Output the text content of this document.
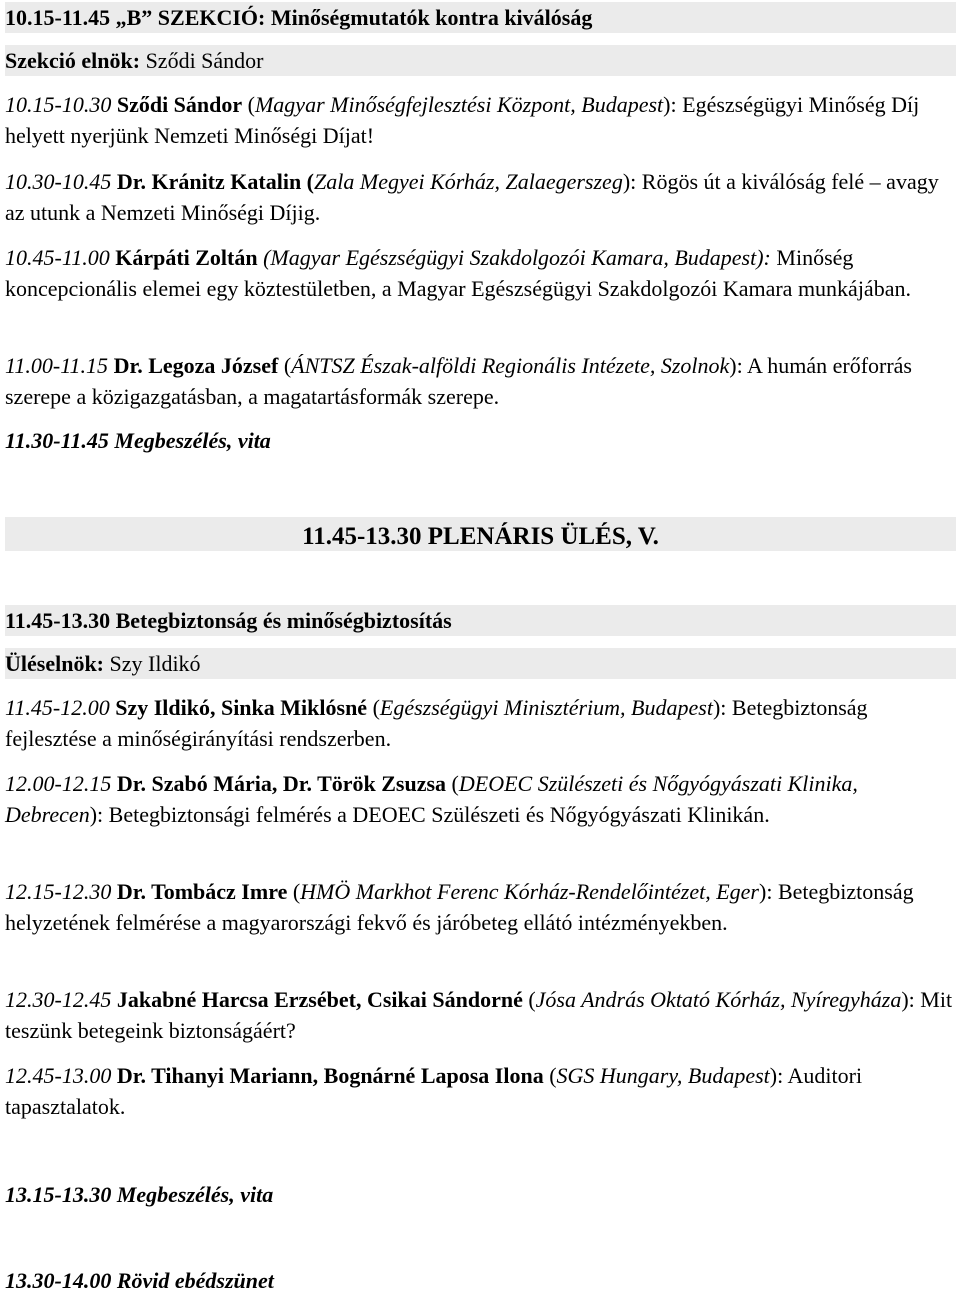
10.15-11.45 „B” SZEKCIÓ: Minőségmutatók kontra kiválóság
Szekció elnök: Sződi Sándor

10.15-10.30 Sződi Sándor (Magyar Minőségfejlesztési Központ, Budapest): Egészségügyi Minőség Díj helyett nyerjünk Nemzeti Minőségi Díjat!

10.30-10.45 Dr. Kránitz Katalin (Zala Megyei Kórház, Zalaegerszeg): Rögös út a kiválóság felé – avagy az utunk a Nemzeti Minőségi Díjig.

10.45-11.00 Kárpáti Zoltán (Magyar Egészségügyi Szakdolgozói Kamara, Budapest): Minőség koncepcionális elemei egy köztestületben, a Magyar Egészségügyi Szakdolgozói Kamara munkájában.

11.00-11.15 Dr. Legoza József (ÁNTSZ Észak-alföldi Regionális Intézete, Szolnok): A humán erőforrás szerepe a közigazgatásban, a magatartásformák szerepe.

11.30-11.45 Megbeszélés, vita

11.45-13.30 PLENÁRIS ÜLÉS, V.
11.45-13.30 Betegbiztonság és minőségbiztosítás
Üléselnök: Szy Ildikó

11.45-12.00 Szy Ildikó, Sinka Miklósné (Egészségügyi Minisztérium, Budapest): Betegbiztonság fejlesztése a minőségirányítási rendszerben.

12.00-12.15 Dr. Szabó Mária, Dr. Török Zsuzsa (DEOEC Szülészeti és Nőgyógyászati Klinika, Debrecen): Betegbiztonsági felmérés a DEOEC Szülészeti és Nőgyógyászati Klinikán.

12.15-12.30 Dr. Tombácz Imre (HMÖ Markhot Ferenc Kórház-Rendelőintézet, Eger): Betegbiztonság helyzetének felmérése a magyarországi fekvő és járóbeteg ellátó intézményekben.

12.30-12.45 Jakabné Harcsa Erzsébet, Csikai Sándorné (Jósa András Oktató Kórház, Nyíregyháza): Mit teszünk betegeink biztonságáért?

12.45-13.00 Dr. Tihanyi Mariann, Bognárné Laposa Ilona (SGS Hungary, Budapest): Auditori tapasztalatok.

13.15-13.30 Megbeszélés, vita

13.30-14.00 Rövid ebédszünet
